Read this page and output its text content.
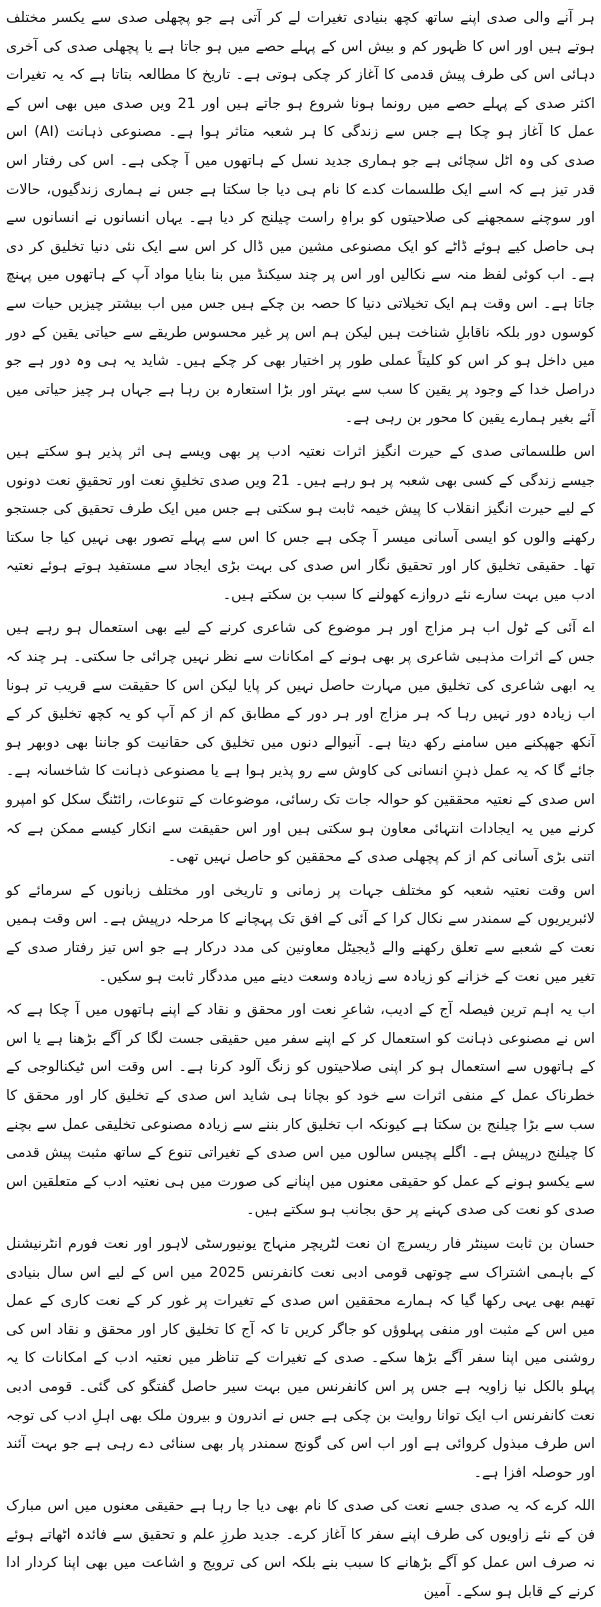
ہر آنے والی صدی اپنے ساتھ کچھ بنیادی تغیرات لے کر آتی ہے جو پچھلی صدی سے یکسر مختلف ہوتے ہیں اور اس کا ظہور کم و بیش اس کے پہلے حصے میں ہو جاتا ہے یا پچھلی صدی کی آخری دہائی اس کی طرف پیش قدمی کا آغاز کر چکی ہوتی ہے۔ تاریخ کا مطالعہ بتاتا ہے کہ یہ تغیرات اکثر صدی کے پہلے حصے میں رونما ہونا شروع ہو جاتے ہیں اور 21 ویں صدی میں بھی اس کے عمل کا آغاز ہو چکا ہے جس سے زندگی کا ہر شعبہ متاثر ہوا ہے۔ مصنوعی ذہانت (AI) اس صدی کی وہ اٹل سچائی ہے جو ہماری جدید نسل کے ہاتھوں میں آ چکی ہے۔ اس کی رفتار اس قدر تیز ہے کہ اسے ایک طلسمات کدے کا نام ہی دیا جا سکتا ہے جس نے ہماری زندگیوں، حالات اور سوچنے سمجھنے کی صلاحیتوں کو براہِ راست چیلنج کر دیا ہے۔ یہاں انسانوں نے انسانوں سے ہی حاصل کیے ہوئے ڈاٹے کو ایک مصنوعی مشین میں ڈال کر اس سے ایک نئی دنیا تخلیق کر دی ہے۔ اب کوئی لفظ منہ سے نکالیں اور اس پر چند سیکنڈ میں بنا بنایا مواد آپ کے ہاتھوں میں پہنچ جاتا ہے۔ اس وقت ہم ایک تخیلاتی دنیا کا حصہ بن چکے ہیں جس میں اب بیشتر چیزیں حیات سے کوسوں دور بلکہ ناقابلِ شناخت ہیں لیکن ہم اس پر غیر محسوس طریقے سے حیاتی یقین کے دور میں داخل ہو کر اس کو کلیتاً عملی طور پر اختیار بھی کر چکے ہیں۔ شاید یہ ہی وہ دور ہے جو دراصل خدا کے وجود پر یقین کا سب سے بہتر اور بڑا استعارہ بن رہا ہے جہاں ہر چیز حیاتی میں آئے بغیر ہمارے یقین کا محور بن رہی ہے۔

اس طلسماتی صدی کے حیرت انگیز اثرات نعتیہ ادب پر بھی ویسے ہی اثر پذیر ہو سکتے ہیں جیسے زندگی کے کسی بھی شعبہ پر ہو رہے ہیں۔ 21 ویں صدی تخلیقِ نعت اور تحقیقِ نعت دونوں کے لیے حیرت انگیز انقلاب کا پیش خیمہ ثابت ہو سکتی ہے جس میں ایک طرف تحقیق کی جستجو رکھنے والوں کو ایسی آسانی میسر آ چکی ہے جس کا اس سے پہلے تصور بھی نہیں کیا جا سکتا تھا۔ حقیقی تخلیق کار اور تحقیق نگار اس صدی کی بہت بڑی ایجاد سے مستفید ہوتے ہوئے نعتیہ ادب میں بہت سارے نئے دروازے کھولنے کا سبب بن سکتے ہیں۔

اے آئی کے ٹول اب ہر مزاج اور ہر موضوع کی شاعری کرنے کے لیے بھی استعمال ہو رہے ہیں جس کے اثرات مذہبی شاعری پر بھی ہونے کے امکانات سے نظر نہیں چرائی جا سکتی۔ ہر چند کہ یہ ابھی شاعری کی تخلیق میں مہارت حاصل نہیں کر پایا لیکن اس کا حقیقت سے قریب تر ہونا اب زیادہ دور نہیں رہا کہ ہر مزاج اور ہر دور کے مطابق کم از کم آپ کو یہ کچھ تخلیق کر کے آنکھ جھپکنے میں سامنے رکھ دیتا ہے۔ آنیوالے دنوں میں تخلیق کی حقانیت کو جاننا بھی دوبھر ہو جائے گا کہ یہ عمل ذہنِ انسانی کی کاوش سے رو پذیر ہوا ہے یا مصنوعی ذہانت کا شاخسانہ ہے۔ اس صدی کے نعتیہ محققین کو حوالہ جات تک رسائی، موضوعات کے تنوعات، رائٹنگ سکل کو امپرو کرنے میں یہ ایجادات انتہائی معاون ہو سکتی ہیں اور اس حقیقت سے انکار کیسے ممکن ہے کہ اتنی بڑی آسانی کم از کم پچھلی صدی کے محققین کو حاصل نہیں تھی۔

اس وقت نعتیہ شعبہ کو مختلف جہات پر زمانی و تاریخی اور مختلف زبانوں کے سرمائے کو لائبریریوں کے سمندر سے نکال کرا کے آئی کے افق تک پہچانے کا مرحلہ درپیش ہے۔ اس وقت ہمیں نعت کے شعبے سے تعلق رکھنے والے ڈیجیٹل معاونین کی مدد درکار ہے جو اس تیز رفتار صدی کے تغیر میں نعت کے خزانے کو زیادہ سے زیادہ وسعت دینے میں مددگار ثابت ہو سکیں۔

اب یہ اہم ترین فیصلہ آج کے ادیب، شاعرِ نعت اور محقق و نقاد کے اپنے ہاتھوں میں آ چکا ہے کہ اس نے مصنوعی ذہانت کو استعمال کر کے اپنے سفر میں حقیقی جست لگا کر آگے بڑھنا ہے یا اس کے ہاتھوں سے استعمال ہو کر اپنی صلاحیتوں کو زنگ آلود کرنا ہے۔ اس وقت اس ٹیکنالوجی کے خطرناک عمل کے منفی اثرات سے خود کو بچانا ہی شاید اس صدی کے تخلیق کار اور محقق کا سب سے بڑا چیلنج بن سکتا ہے کیونکہ اب تخلیق کار بننے سے زیادہ مصنوعی تخلیقی عمل سے بچنے کا چیلنج درپیش ہے۔ اگلے پچیس سالوں میں اس صدی کے تغیراتی تنوع کے ساتھ مثبت پیش قدمی سے یکسو ہونے کے عمل کو حقیقی معنوں میں اپنانے کی صورت میں ہی نعتیہ ادب کے متعلقین اس صدی کو نعت کی صدی کہنے پر حق بجانب ہو سکتے ہیں۔

حسان بن ثابت سینٹر فار ریسرچ ان نعت لٹریچر منہاج یونیورسٹی لاہور اور نعت فورم انٹرنیشنل کے باہمی اشتراک سے چوتھی قومی ادبی نعت کانفرنس 2025 میں اس کے لیے اس سال بنیادی تھیم بھی یہی رکھا گیا کہ ہمارے محققین اس صدی کے تغیرات پر غور کر کے نعت کاری کے عمل میں اس کے مثبت اور منفی پہلوؤں کو جاگر کریں تا کہ آج کا تخلیق کار اور محقق و نقاد اس کی روشنی میں اپنا سفر آگے بڑھا سکے۔ صدی کے تغیرات کے تناظر میں نعتیہ ادب کے امکانات کا یہ پہلو بالکل نیا زاویہ ہے جس پر اس کانفرنس میں بہت سیر حاصل گفتگو کی گئی۔ قومی ادبی نعت کانفرنس اب ایک توانا روایت بن چکی ہے جس نے اندرون و بیرون ملک بھی اہلِ ادب کی توجہ اس طرف مبذول کروائی ہے اور اب اس کی گونج سمندر پار بھی سنائی دے رہی ہے جو بہت آئند اور حوصلہ افزا ہے۔

اللہ کرے کہ یہ صدی جسے نعت کی صدی کا نام بھی دیا جا رہا ہے حقیقی معنوں میں اس مبارک فن کے نئے زاویوں کی طرف اپنے سفر کا آغاز کرے۔ جدید طرزِ علم و تحقیق سے فائدہ اٹھاتے ہوئے نہ صرف اس عمل کو آگے بڑھانے کا سبب بنے بلکہ اس کی ترویج و اشاعت میں بھی اپنا کردار ادا کرنے کے قابل ہو سکے۔ آمین
